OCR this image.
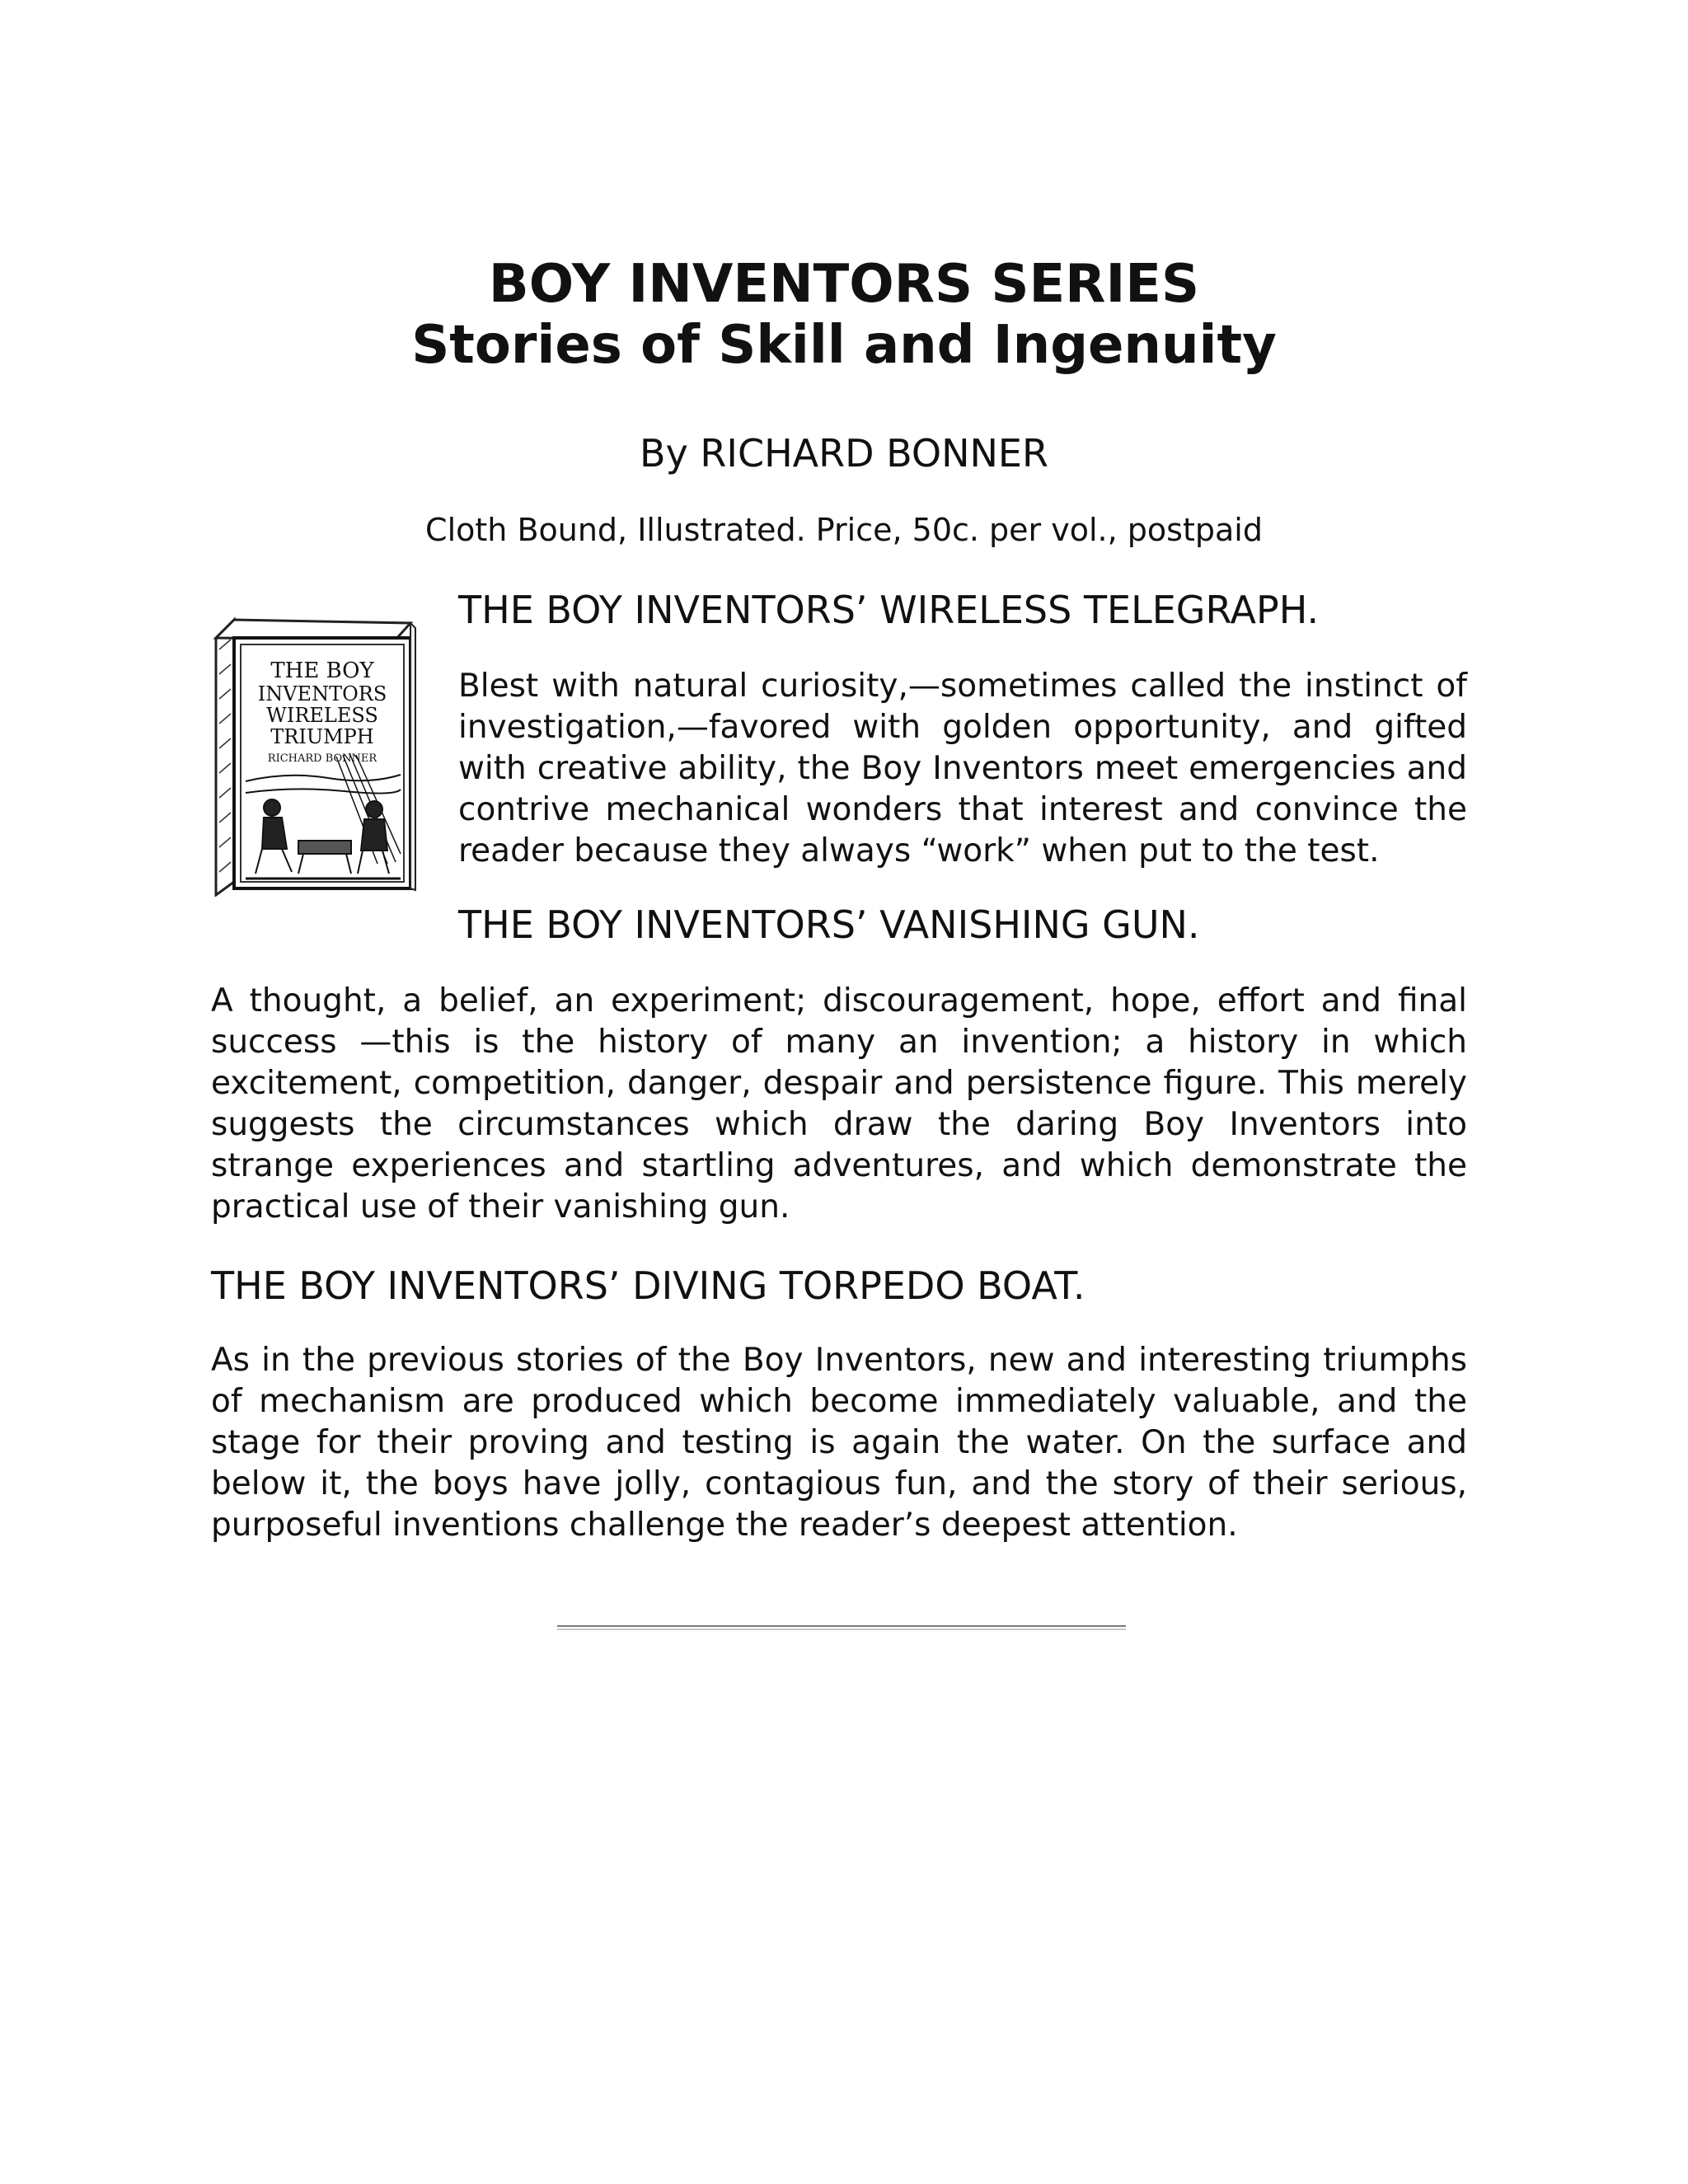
BOY INVENTORS SERIES
Stories of Skill and Ingenuity
By RICHARD BONNER
Cloth Bound, Illustrated. Price, 50c. per vol., postpaid
THE BOY
INVENTORS
WIRELESS
TRIUMPH
RICHARD BONNER
THE BOY INVENTORS’ WIRELESS TELEGRAPH.

Blest with natural curiosity,—sometimes called the instinct of investigation,—favored with golden opportunity, and gifted with creative ability, the Boy Inventors meet emergencies and contrive mechanical wonders that interest and convince the reader because they always “work” when put to the test.

THE BOY INVENTORS’ VANISHING GUN.

A thought, a belief, an experiment; discouragement, hope, effort and final success —this is the history of many an invention; a history in which excitement, competition, danger, despair and persistence figure. This merely suggests the circumstances which draw the daring Boy Inventors into strange experiences and startling adventures, and which demonstrate the practical use of their vanishing gun.

THE BOY INVENTORS’ DIVING TORPEDO BOAT.

As in the previous stories of the Boy Inventors, new and interesting triumphs of mechanism are produced which become immediately valuable, and the stage for their proving and testing is again the water. On the surface and below it, the boys have jolly, contagious fun, and the story of their serious, purposeful inventions challenge the reader’s deepest attention.
